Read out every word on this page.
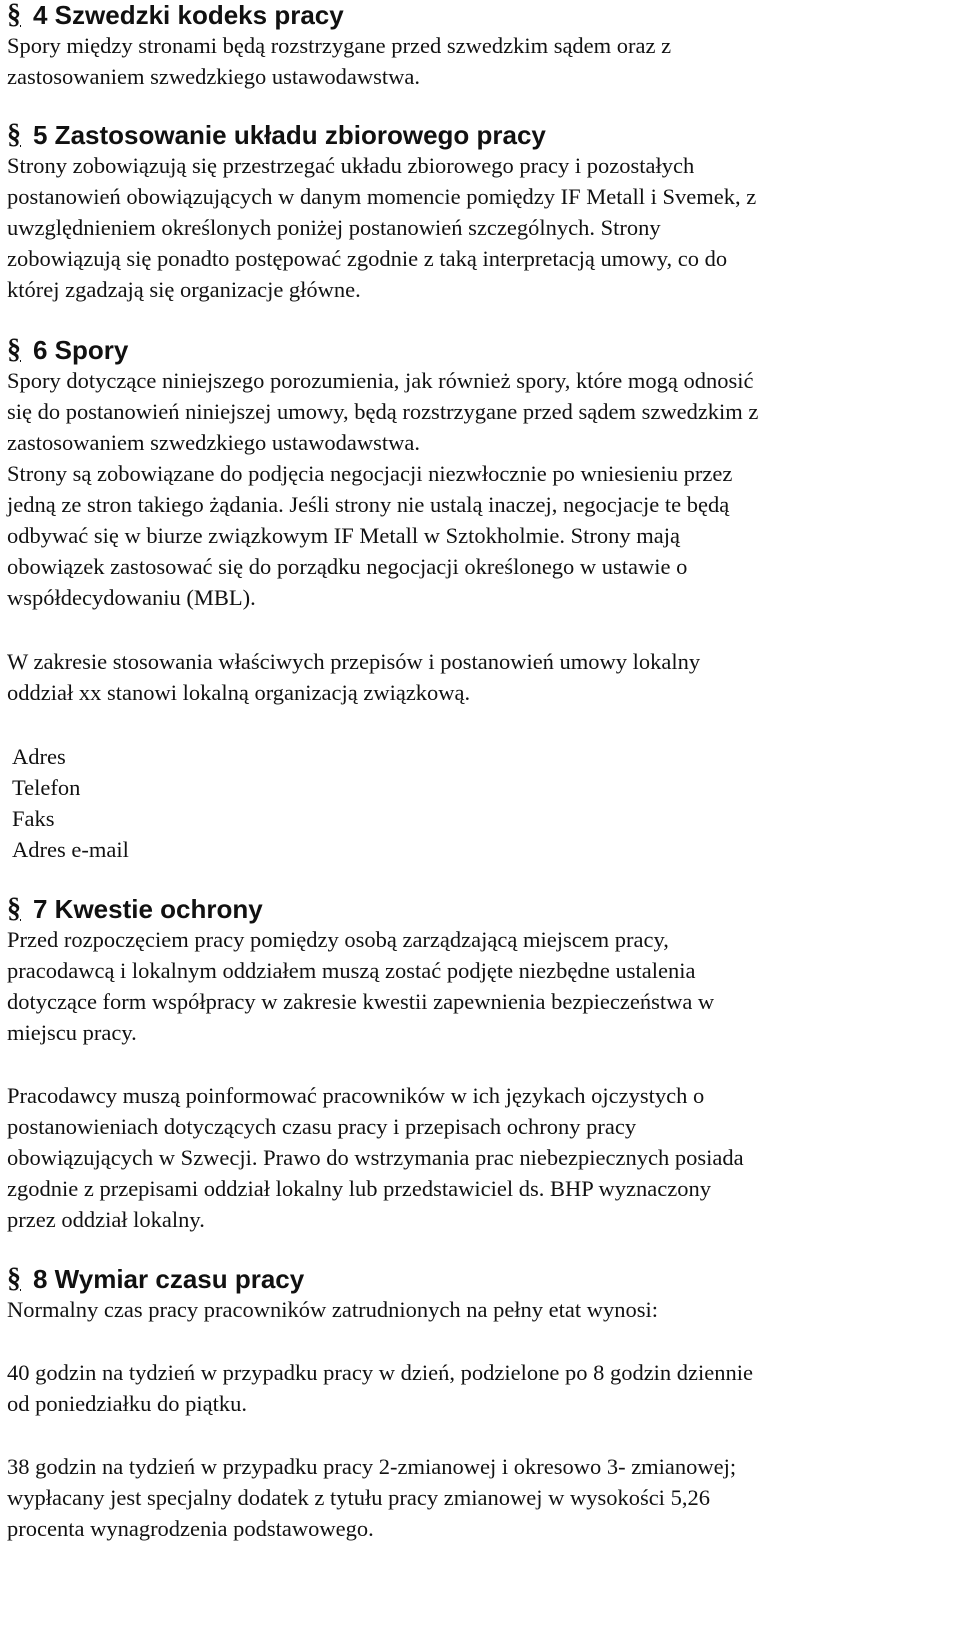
§ 4 Szwedzki kodeks pracy
Spory między stronami będą rozstrzygane przed szwedzkim sądem oraz z
zastosowaniem szwedzkiego ustawodawstwa.
§ 5 Zastosowanie układu zbiorowego pracy
Strony zobowiązują się przestrzegać układu zbiorowego pracy i pozostałych
postanowień obowiązujących w danym momencie pomiędzy IF Metall i Svemek, z
uwzględnieniem określonych poniżej postanowień szczególnych. Strony
zobowiązują się ponadto postępować zgodnie z taką interpretacją umowy, co do
której zgadzają się organizacje główne.
§ 6 Spory
Spory dotyczące niniejszego porozumienia, jak również spory, które mogą odnosić
się do postanowień niniejszej umowy, będą rozstrzygane przed sądem szwedzkim z
zastosowaniem szwedzkiego ustawodawstwa.
Strony są zobowiązane do podjęcia negocjacji niezwłocznie po wniesieniu przez
jedną ze stron takiego żądania. Jeśli strony nie ustalą inaczej, negocjacje te będą
odbywać się w biurze związkowym IF Metall w Sztokholmie. Strony mają
obowiązek zastosować się do porządku negocjacji określonego w ustawie o
współdecydowaniu (MBL).
W zakresie stosowania właściwych przepisów i postanowień umowy lokalny
oddział xx stanowi lokalną organizacją związkową.
Adres
Telefon
Faks
Adres e-mail
§ 7 Kwestie ochrony
Przed rozpoczęciem pracy pomiędzy osobą zarządzającą miejscem pracy,
pracodawcą i lokalnym oddziałem muszą zostać podjęte niezbędne ustalenia
dotyczące form współpracy w zakresie kwestii zapewnienia bezpieczeństwa w
miejscu pracy.
Pracodawcy muszą poinformować pracowników w ich językach ojczystych o
postanowieniach dotyczących czasu pracy i przepisach ochrony pracy
obowiązujących w Szwecji. Prawo do wstrzymania prac niebezpiecznych posiada
zgodnie z przepisami oddział lokalny lub przedstawiciel ds. BHP wyznaczony
przez oddział lokalny.
§ 8 Wymiar czasu pracy
Normalny czas pracy pracowników zatrudnionych na pełny etat wynosi:
40 godzin na tydzień w przypadku pracy w dzień, podzielone po 8 godzin dziennie
od poniedziałku do piątku.
38 godzin na tydzień w przypadku pracy 2-zmianowej i okresowo 3- zmianowej;
wypłacany jest specjalny dodatek z tytułu pracy zmianowej w wysokości 5,26
procenta wynagrodzenia podstawowego.
